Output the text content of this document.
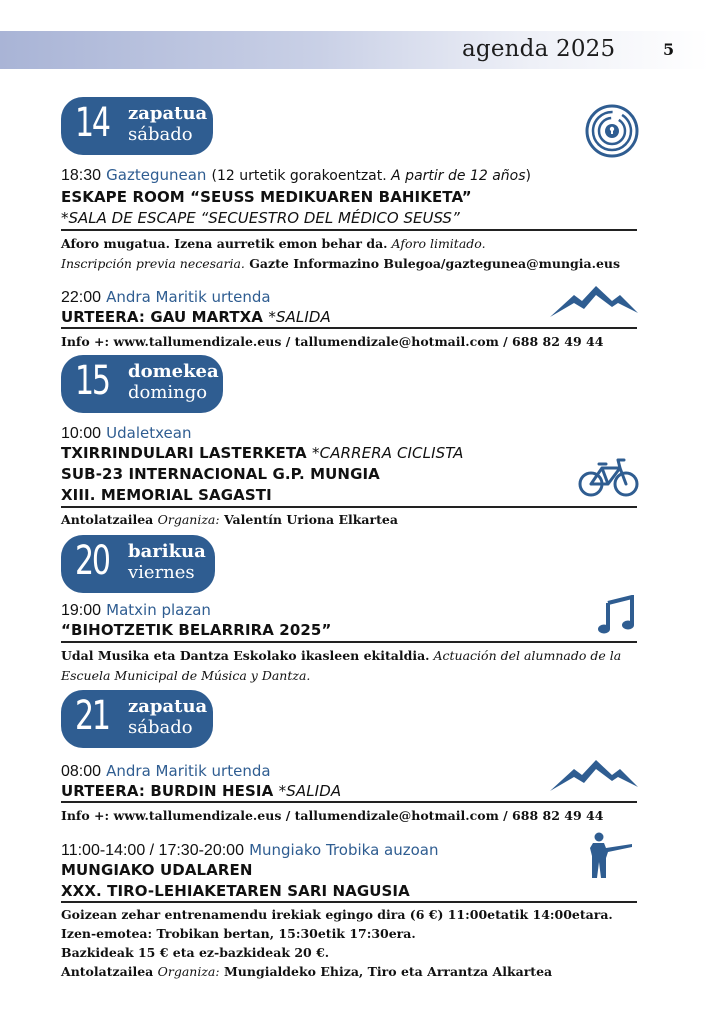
agenda 2025	5
14 zapatua
sábado
18:30 Gaztegunean (12 urtetik gorakoentzat. A partir de 12 años)
ESKAPE ROOM “SEUSS MEDIKUAREN BAHIKETA”
*SALA DE ESCAPE “SECUESTRO DEL MÉDICO SEUSS”
Aforo mugatua. Izena aurretik emon behar da. Aforo limitado.
Inscripción previa necesaria. Gazte Informazino Bulegoa/gaztegunea@mungia.eus
22:00 Andra Maritik urtenda
URTEERA: GAU MARTXA *SALIDA
Info +: www.tallumendizale.eus / tallumendizale@hotmail.com / 688 82 49 44
15 domekea
domingo
10:00 Udaletxean
TXIRRINDULARI LASTERKETA *CARRERA CICLISTA
SUB-23 INTERNACIONAL G.P. MUNGIA
XIII. MEMORIAL SAGASTI
Antolatzailea Organiza: Valentín Uriona Elkartea
20 barikua
viernes
19:00 Matxin plazan
“BIHOTZETIK BELARRIRA 2025”
Udal Musika eta Dantza Eskolako ikasleen ekitaldia. Actuación del alumnado de la
Escuela Municipal de Música y Dantza.
21 zapatua
sábado
08:00 Andra Maritik urtenda
URTEERA: BURDIN HESIA *SALIDA
Info +: www.tallumendizale.eus / tallumendizale@hotmail.com / 688 82 49 44
11:00-14:00 / 17:30-20:00 Mungiako Trobika auzoan
MUNGIAKO UDALAREN
XXX. TIRO-LEHIAKETAREN SARI NAGUSIA
Goizean zehar entrenamendu irekiak egingo dira (6 €) 11:00etatik 14:00etara.
Izen-emotea: Trobikan bertan, 15:30etik 17:30era.
Bazkideak 15 € eta ez-bazkideak 20 €.
Antolatzailea Organiza: Mungialdeko Ehiza, Tiro eta Arrantza Alkartea
